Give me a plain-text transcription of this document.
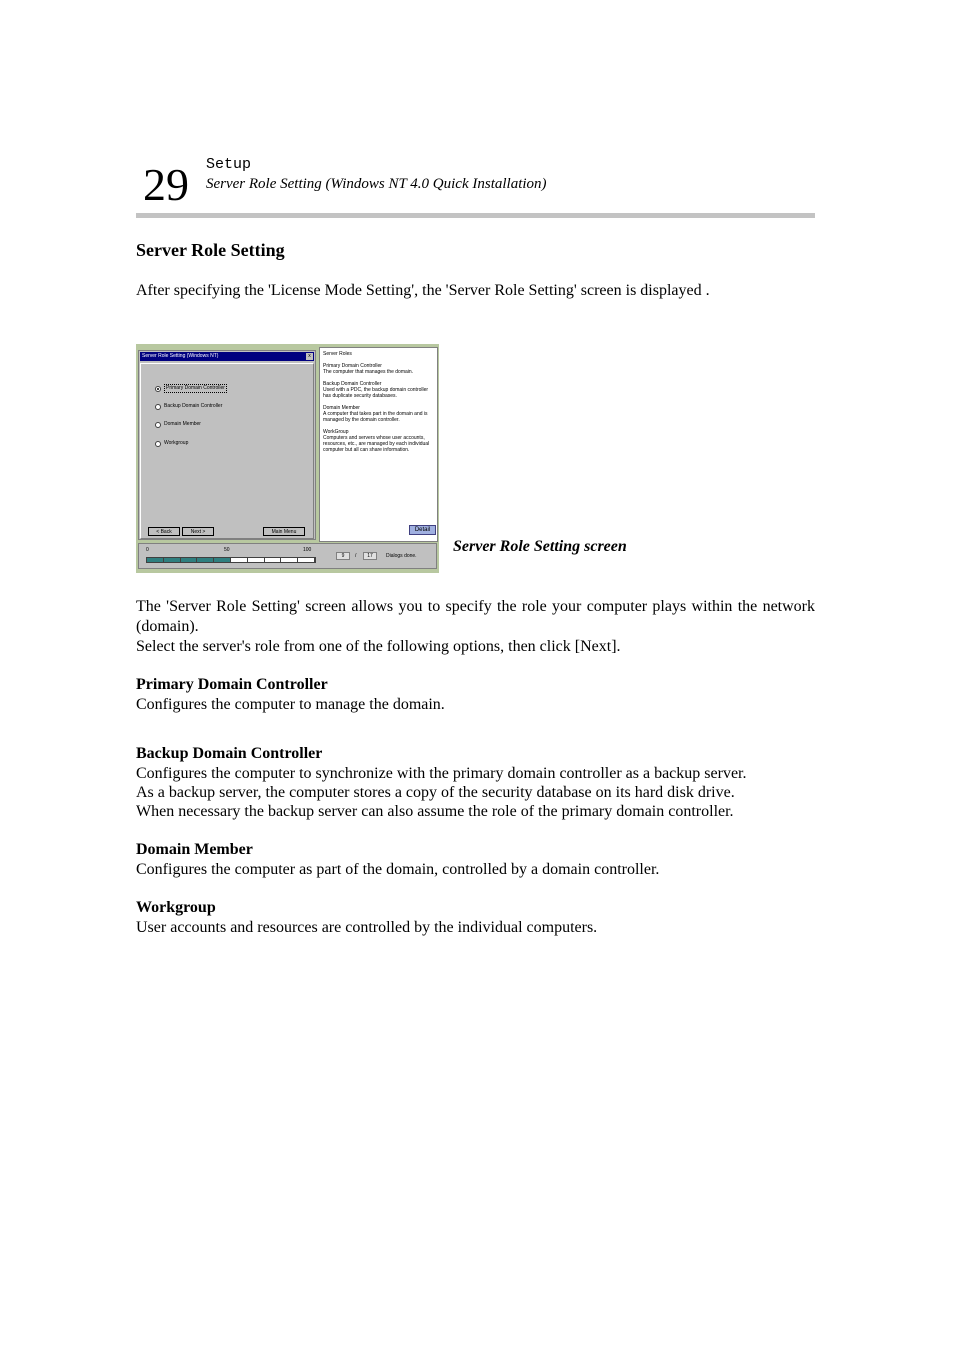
29 Setup
Server Role Setting (Windows NT 4.0 Quick Installation)
Server Role Setting
After specifying the 'License Mode Setting', the 'Server Role Setting' screen is displayed .
Server Role Setting (Windows NT)	x
Primary Domain Controller
Backup Domain Controller
Domain Member
Workgroup
< Back	Next >	Main Menu

Server Roles

Primary Domain Controller
The computer that manages the domain.

Backup Domain Controller
Used with a PDC, the backup domain controller has duplicate security databases.

Domain Member
A computer that takes part in the domain and is managed by the domain controller.

WorkGroup
Computers and servers whose user accounts, resources, etc., are managed by each individual computer but all can share information.

Detail
0	50	100
9	/	17	Dialogs done.
Server Role Setting screen
The 'Server Role Setting' screen allows you to specify the role your computer plays within the network (domain).
Select the server's role from one of the following options, then click [Next].
Primary Domain Controller
Configures the computer to manage the domain.
Backup Domain Controller
Configures the computer to synchronize with the primary domain controller as a backup server.
As a backup server, the computer stores a copy of the security database on its hard disk drive.
When necessary the backup server can also assume the role of the primary domain controller.
Domain Member
Configures the computer as part of the domain, controlled by a domain controller.
Workgroup
User accounts and resources are controlled by the individual computers.
